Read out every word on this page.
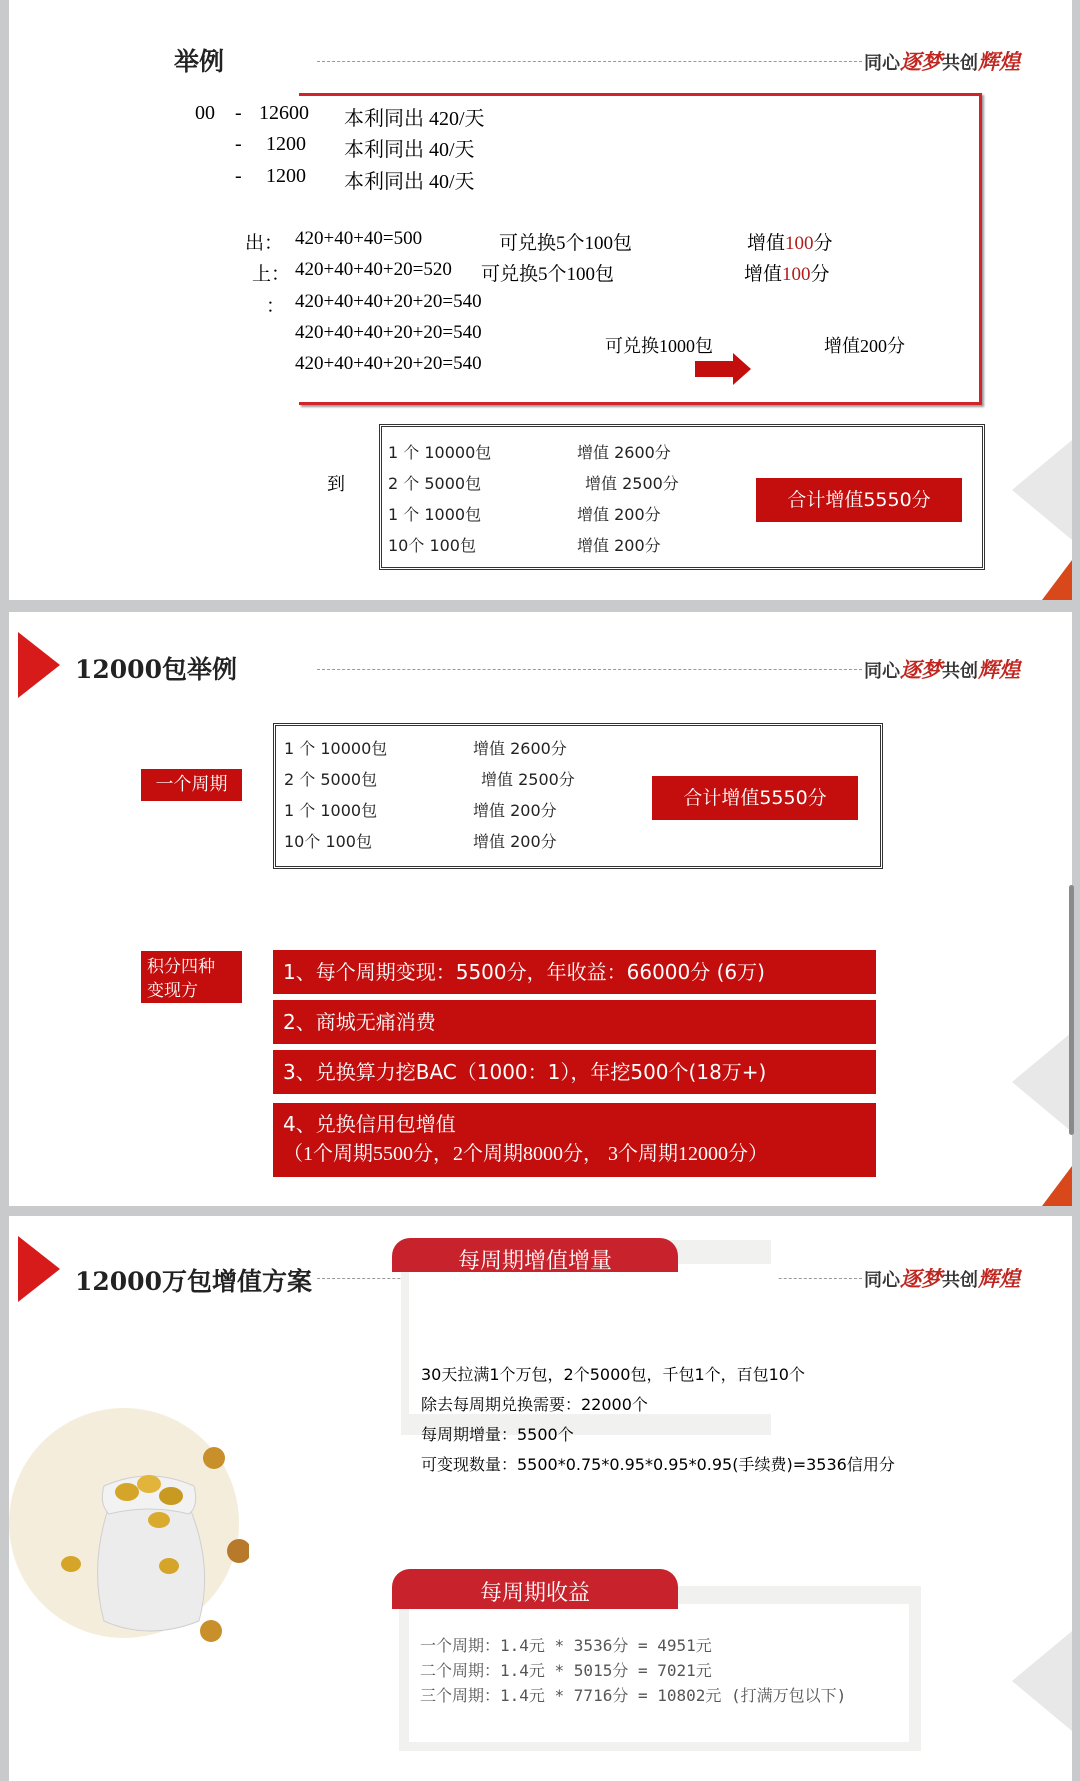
举例	同心逐梦共创辉煌
00 - 12600 本利同出 420/天
- 1200 本利同出 40/天
- 1200 本利同出 40/天
出： 420+40+40=500	可兑换5个100包	增值100分
上： 420+40+40+20=520 可兑换5个100包	增值100分
： 420+40+40+20+20=540
420+40+40+20+20=540
420+40+40+20+20=540
可兑换1000包	增值200分
到
1 个 10000包	增值 2600分
2 个 5000包	增值 2500分
1 个 1000包	增值 200分
10个 100包	增值 200分
合计增值5550分
12000包举例	同心逐梦共创辉煌
一个周期
1 个 10000包	增值 2600分
2 个 5000包	增值 2500分
1 个 1000包	增值 200分
10个 100包	增值 200分
合计增值5550分
积分四种
变现方
1、每个周期变现：5500分，年收益：66000分 (6万)
2、商城无痛消费
3、兑换算力挖BAC（1000：1），年挖500个(18万+)
4、兑换信用包增值
（1个周期5500分，2个周期8000分， 3个周期12000分）
12000万包增值方案	同心逐梦共创辉煌
每周期增值增量
30天拉满1个万包，2个5000包，千包1个，百包10个
除去每周期兑换需要：22000个
每周期增量：5500个
可变现数量：5500*0.75*0.95*0.95*0.95(手续费)=3536信用分
每周期收益
一个周期：1.4元 * 3536分 = 4951元
二个周期：1.4元 * 5015分 = 7021元
三个周期：1.4元 * 7716分 = 10802元 (打满万包以下)
